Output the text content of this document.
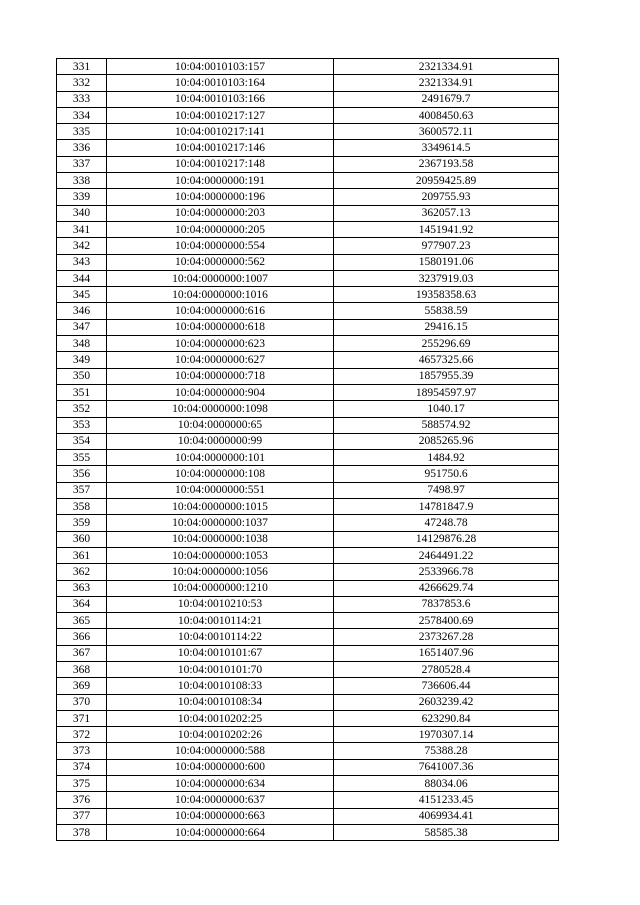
331	10:04:0010103:157	2321334.91
332	10:04:0010103:164	2321334.91
333	10:04:0010103:166	2491679.7
334	10:04:0010217:127	4008450.63
335	10:04:0010217:141	3600572.11
336	10:04:0010217:146	3349614.5
337	10:04:0010217:148	2367193.58
338	10:04:0000000:191	20959425.89
339	10:04:0000000:196	209755.93
340	10:04:0000000:203	362057.13
341	10:04:0000000:205	1451941.92
342	10:04:0000000:554	977907.23
343	10:04:0000000:562	1580191.06
344	10:04:0000000:1007	3237919.03
345	10:04:0000000:1016	19358358.63
346	10:04:0000000:616	55838.59
347	10:04:0000000:618	29416.15
348	10:04:0000000:623	255296.69
349	10:04:0000000:627	4657325.66
350	10:04:0000000:718	1857955.39
351	10:04:0000000:904	18954597.97
352	10:04:0000000:1098	1040.17
353	10:04:0000000:65	588574.92
354	10:04:0000000:99	2085265.96
355	10:04:0000000:101	1484.92
356	10:04:0000000:108	951750.6
357	10:04:0000000:551	7498.97
358	10:04:0000000:1015	14781847.9
359	10:04:0000000:1037	47248.78
360	10:04:0000000:1038	14129876.28
361	10:04:0000000:1053	2464491.22
362	10:04:0000000:1056	2533966.78
363	10:04:0000000:1210	4266629.74
364	10:04:0010210:53	7837853.6
365	10:04:0010114:21	2578400.69
366	10:04:0010114:22	2373267.28
367	10:04:0010101:67	1651407.96
368	10:04:0010101:70	2780528.4
369	10:04:0010108:33	736606.44
370	10:04:0010108:34	2603239.42
371	10:04:0010202:25	623290.84
372	10:04:0010202:26	1970307.14
373	10:04:0000000:588	75388.28
374	10:04:0000000:600	7641007.36
375	10:04:0000000:634	88034.06
376	10:04:0000000:637	4151233.45
377	10:04:0000000:663	4069934.41
378	10:04:0000000:664	58585.38
